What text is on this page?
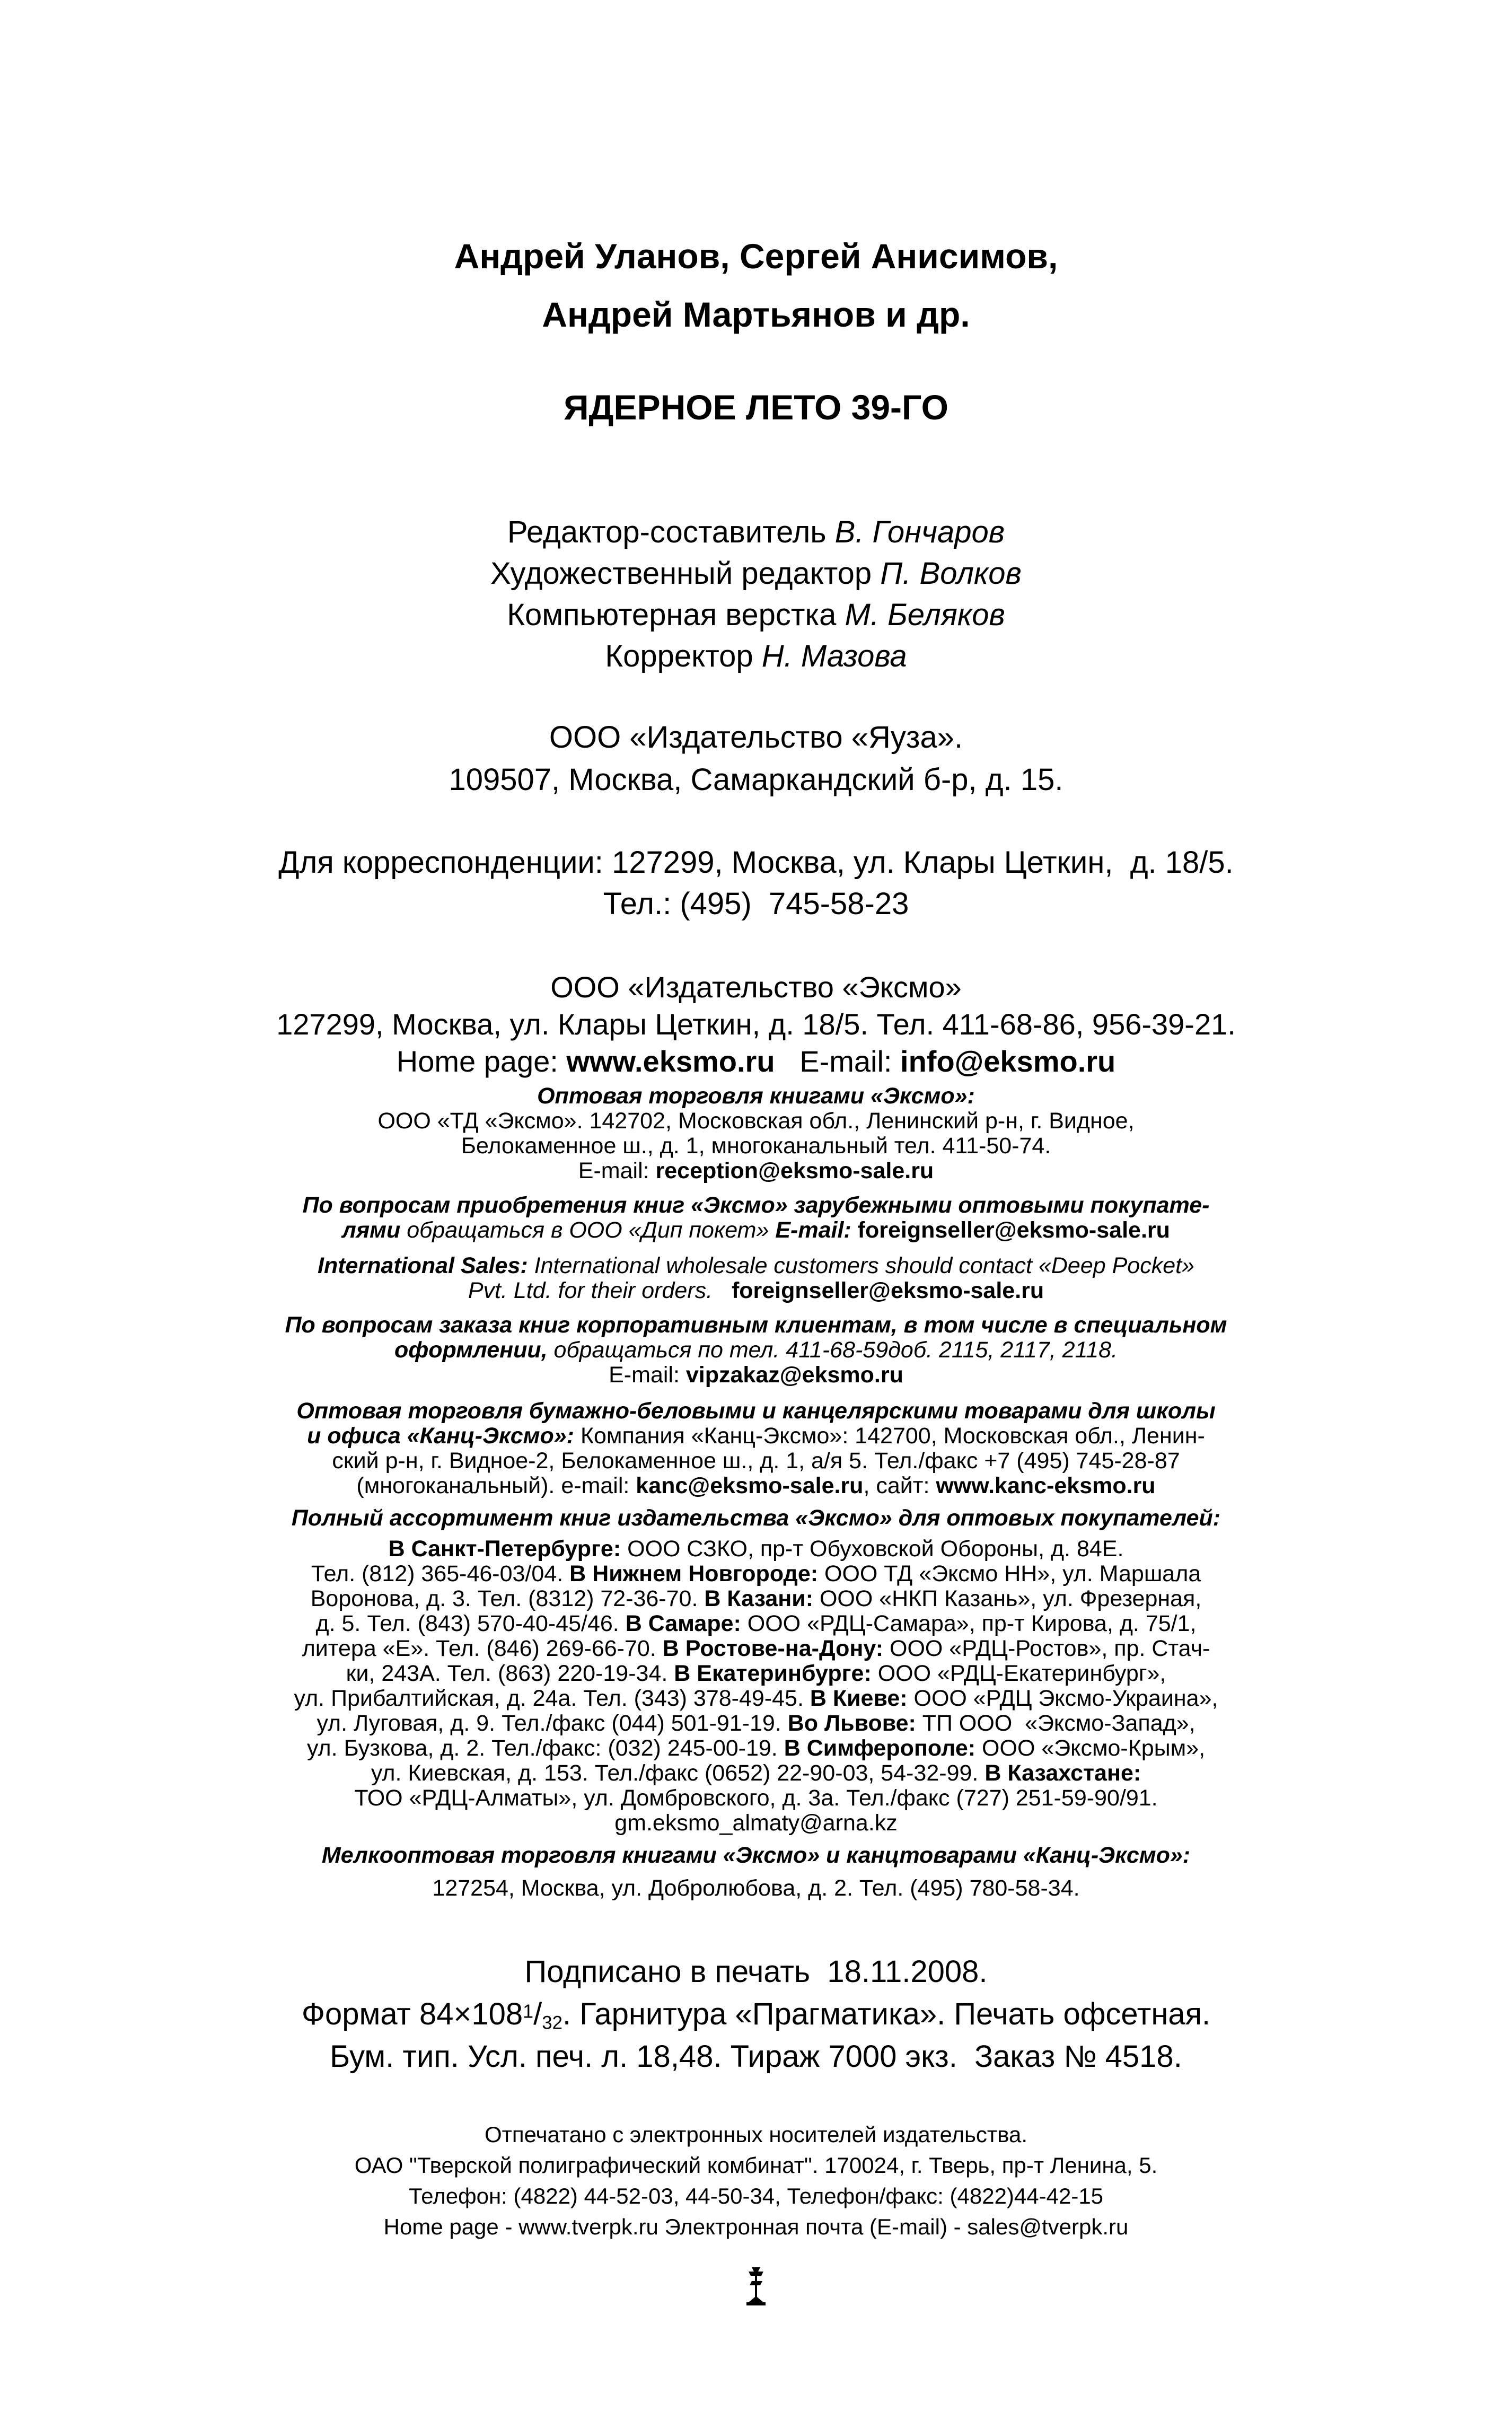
Андрей Уланов, Сергей Анисимов,
Андрей Мартьянов и др.
ЯДЕРНОЕ ЛЕТО 39-ГО
Редактор-составитель В. Гончаров
Художественный редактор П. Волков
Компьютерная верстка М. Беляков
Корректор Н. Мазова
ООО «Издательство «Яуза».
109507, Москва, Самаркандский б-р, д. 15.
Для корреспонденции: 127299, Москва, ул. Клары Цеткин,  д. 18/5.
Тел.: (495)  745-58-23
ООО «Издательство «Эксмо»
127299, Москва, ул. Клары Цеткин, д. 18/5. Тел. 411-68-86, 956-39-21.
Home page: www.eksmo.ru E-mail: info@eksmo.ru
Оптовая торговля книгами «Эксмо»:
ООО «ТД «Эксмо». 142702, Московская обл., Ленинский р-н, г. Видное,
Белокаменное ш., д. 1, многоканальный тел. 411-50-74.
E-mail: reception@eksmo-sale.ru
По вопросам приобретения книг «Эксмо» зарубежными оптовыми покупате-
лями обращаться в ООО «Дип покет» E-mail: foreignseller@eksmo-sale.ru
International Sales: International wholesale customers should contact «Deep Pocket»
Pvt. Ltd. for their orders. foreignseller@eksmo-sale.ru
По вопросам заказа книг корпоративным клиентам, в том числе в специальном
оформлении, обращаться по тел. 411-68-59доб. 2115, 2117, 2118.
E-mail: vipzakaz@eksmo.ru
Оптовая торговля бумажно-беловыми и канцелярскими товарами для школы
и офиса «Канц-Эксмо»: Компания «Канц-Эксмо»: 142700, Московская обл., Ленин-
ский р-н, г. Видное-2, Белокаменное ш., д. 1, а/я 5. Тел./факс +7 (495) 745-28-87
(многоканальный). e-mail: kanc@eksmo-sale.ru, сайт: www.kanc-eksmo.ru
Полный ассортимент книг издательства «Эксмо» для оптовых покупателей:
В Санкт-Петербурге: ООО СЗКО, пр-т Обуховской Обороны, д. 84Е.
Тел. (812) 365-46-03/04. В Нижнем Новгороде: ООО ТД «Эксмо НН», ул. Маршала
Воронова, д. 3. Тел. (8312) 72-36-70. В Казани: ООО «НКП Казань», ул. Фрезерная,
д. 5. Тел. (843) 570-40-45/46. В Самаре: ООО «РДЦ-Самара», пр-т Кирова, д. 75/1,
литера «Е». Тел. (846) 269-66-70. В Ростове-на-Дону: ООО «РДЦ-Ростов», пр. Стач-
ки, 243А. Тел. (863) 220-19-34. В Екатеринбурге: ООО «РДЦ-Екатеринбург»,
ул. Прибалтийская, д. 24а. Тел. (343) 378-49-45. В Киеве: ООО «РДЦ Эксмо-Украина»,
ул. Луговая, д. 9. Тел./факс (044) 501-91-19. Во Львове: ТП ООО  «Эксмо-Запад»,
ул. Бузкова, д. 2. Тел./факс: (032) 245-00-19. В Симферополе: ООО «Эксмо-Крым»,
ул. Киевская, д. 153. Тел./факс (0652) 22-90-03, 54-32-99. В Казахстане:
ТОО «РДЦ-Алматы», ул. Домбровского, д. 3а. Тел./факс (727) 251-59-90/91.
gm.eksmo_almaty@arna.kz
Мелкооптовая торговля книгами «Эксмо» и канцтоварами «Канц-Эксмо»:
127254, Москва, ул. Добролюбова, д. 2. Тел. (495) 780-58-34.
Подписано в печать  18.11.2008.
Формат $84\times 108^1/_{32}$. Гарнитура «Прагматика». Печать офсетная.
Бум. тип. Усл. печ. л. 18,48. Тираж 7000 экз.  Заказ № 4518.
Отпечатано с электронных носителей издательства.
ОАО "Тверской полиграфический комбинат". 170024, г. Тверь, пр-т Ленина, 5.
Телефон: (4822) 44-52-03, 44-50-34, Телефон/факс: (4822)44-42-15
Home page - www.tverpk.ru Электронная почта (E-mail) - sales@tverpk.ru
